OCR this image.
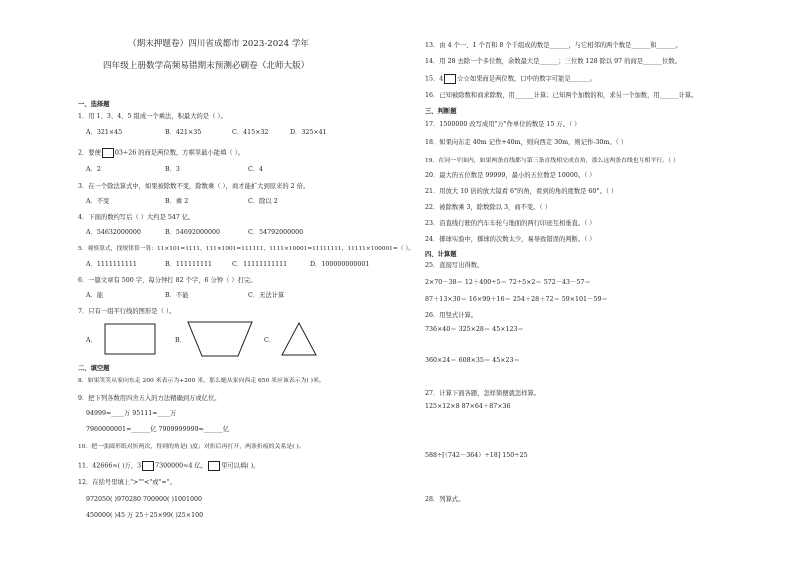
（期末押题卷）四川省成都市 2023-2024 学年
四年级上册数学高频易错期末预测必刷卷（北师大版）
一、选择题
1．用 1、3、4、5 组成一个乘法，积最大的是（ ）。
A．321×45	B．421×35	C．415×32	D．325×41
2．要使 03÷26 的商是两位数，方框里最小能填（ ）。
A．2	B．3	C．4
3．在一个除法算式中，如果被除数不变，除数乘（ ），商才能扩大到原来的 2 倍。
A．不变	B．乘 2	C．除以 2
4．下面的数约写后（ ）大约是 547 亿。
A．54632000000	B．54692000000	C．54792000000
5．观察算式，找规律算一算：11×101=1111，111×1001=111111，1111×10001=11111111，11111×100001=（ ）。
A．1111111111	B．111111111	C．11111111111	D．100000000001
6．一篇文章有 500 字，每分钟打 82 个字，6 分钟（ ）打完。
A．能	B．不能	C．无法计算
7．只有一组平行线的图形是（ ）。
A．	B．	C．
二、填空题
8．如果笑笑从家向东走 200 米表示为+200 米，那么她从家向西走 650 米应该表示为( )米。
9．把下列各数用四舍五入的方法精确到万或亿位。
94999≈____万 95111≈____万
7960000001≈______亿 7909999999≈______亿
10．把一张圆形纸对折两次，得到的角是( )度；对折后再打开，两条折痕的关系是( )。
11．42666≈( )万，3 7300000≈4 亿， 里可以填( )。
12．在括号里填上">""<"或"="。
972050( )970280 700900( )1001000
450000( )45 万 25＋25×99( )25×100
13．由 4 个一、1 个百和 8 个千组成的数是______，与它相邻的两个数是______和______。
14．用 28 去除一个多位数，余数最大是______；三位数 128 除以 97 的商是______位数。
15．4 ☆☆如果商是两位数，口中的数字可能是______。
16．已知被除数和商求除数，用______计算；已知两个加数的和，求另一个加数，用______计算。
三、判断题
17．1500000 改写成用"万"作单位的数是 15 万。（ ）
18．如果向东走 40m 记作+40m，则向西走 30m，则记作-30m。（ ）
19．在同一平面内，如果两条直线都与第三条直线相交成直角，那么这两条直线也互相平行。（ ）
20．最大的五位数是 99999，最小的五位数是 10000。（ ）
21．用放大 10 倍的放大镜看 6°的角，看到的角的度数是 60°。（ ）
22．被除数乘 3，除数除以 3，商不变。（ ）
23．沿直线行驶的汽车车轮与地面的两行印迹互相垂直。（ ）
24．掷球实验中，掷球的次数太少，易导致错误的判断。（ ）
四、计算题
25．直接写出得数。
2×70－38＝ 12＋400÷5＝ 72÷5×2＝ 572－43－57＝
87＋13×30＝ 16×99＋16＝ 254＋28＋72＝ 59×101－59＝
26．用竖式计算。
736×40＝ 325×28＝ 45×123＝
360×24＝ 608×35＝ 45×23＝
27．计算下面各题，怎样简便就怎样算。
125×12×8 87×64＋87×36
588÷[（742－364）÷18] 150÷25
28．列算式。
